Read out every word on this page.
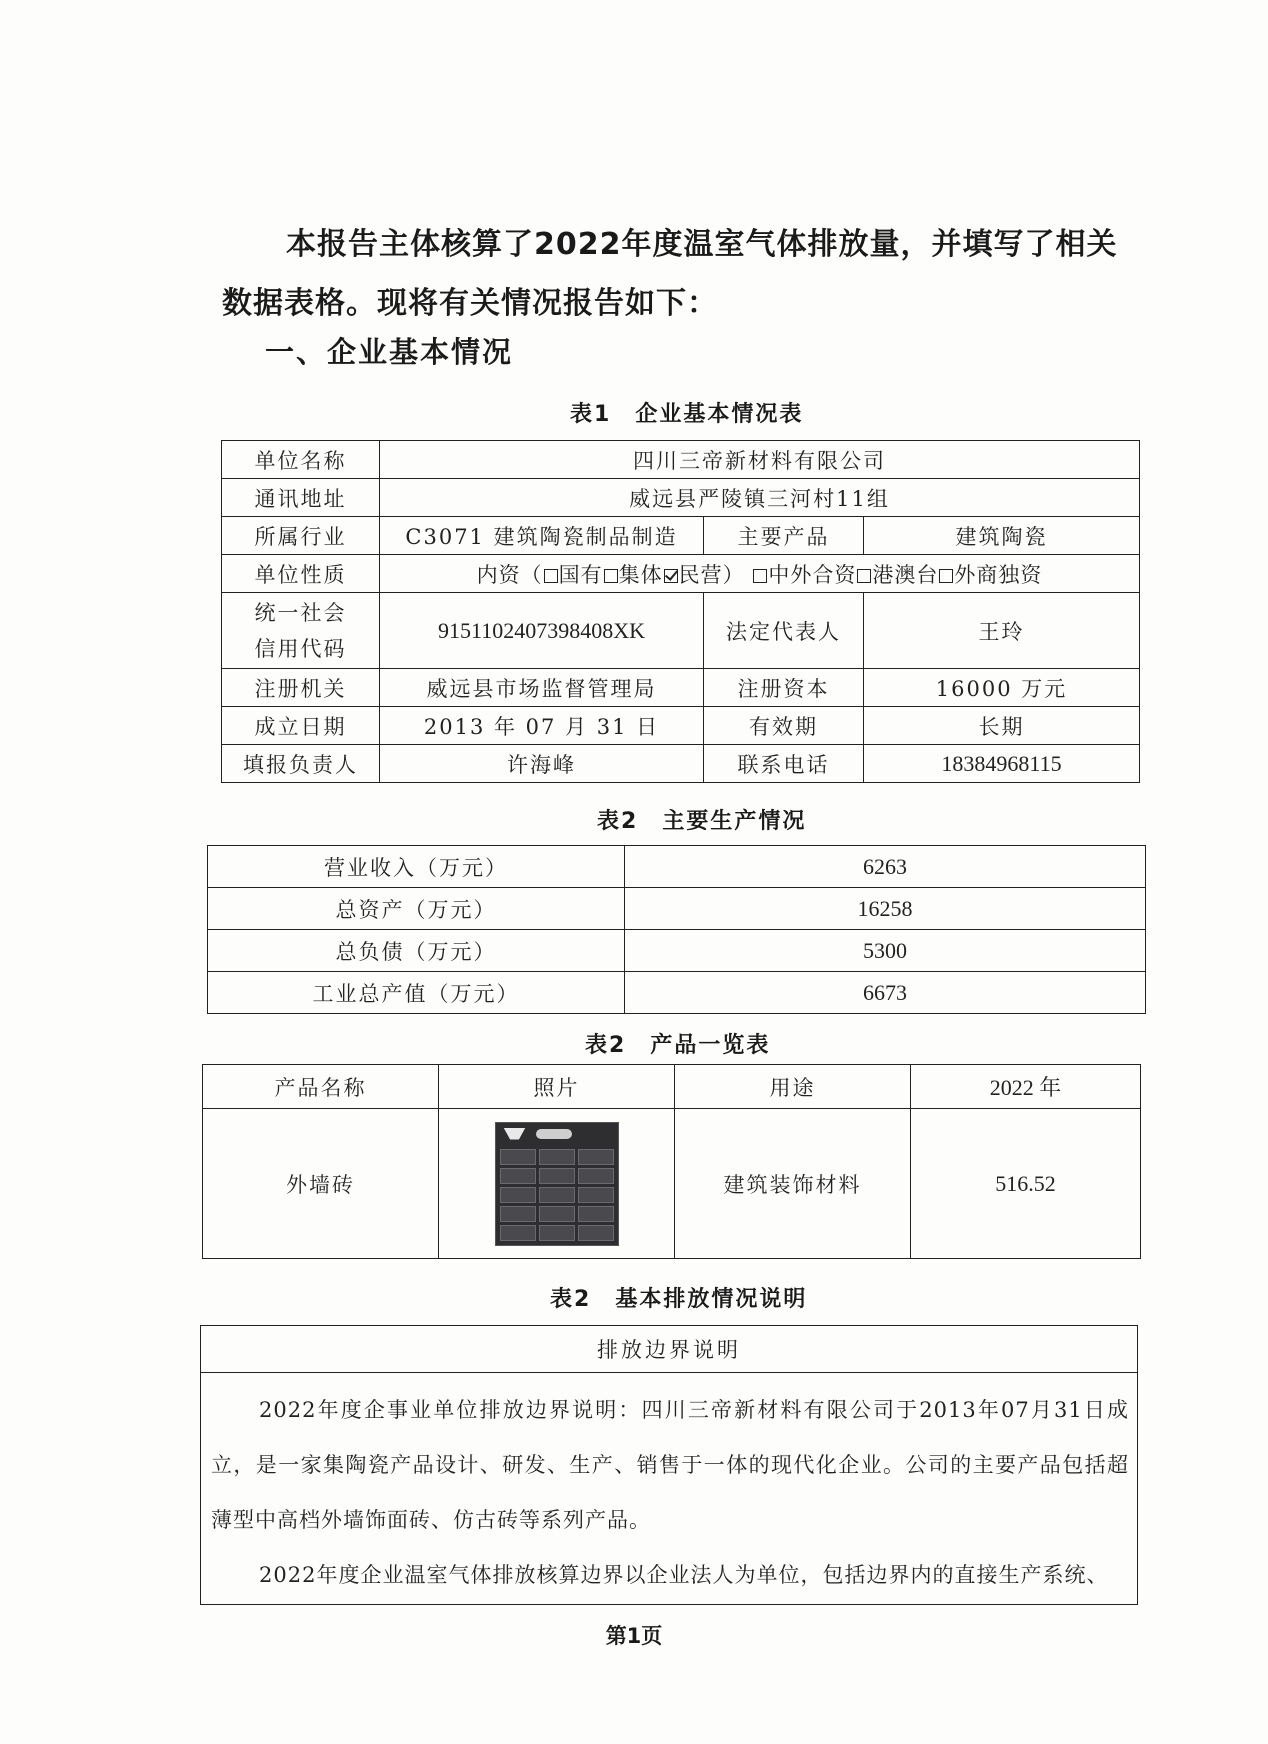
本报告主体核算了2022年度温室气体排放量，并填写了相关数据表格。现将有关情况报告如下：

一、企业基本情况
表1 企业基本情况表
单位名称	四川三帝新材料有限公司		
通讯地址	威远县严陵镇三河村11组		
所属行业	C3071 建筑陶瓷制品制造	主要产品	建筑陶瓷
单位性质	内资（ 国有 集体 民营） 中外合资 港澳台 外商独资		

统一社会
信用代码	9151102407398408XK	法定代表人	王玲
注册机关	威远县市场监督管理局	注册资本	16000 万元
成立日期	2013 年 07 月 31 日	有效期	长期
填报负责人	许海峰	联系电话	18384968115
表2 主要生产情况
营业收入（万元）	6263
总资产（万元）	16258
总负债（万元）	5300
工业总产值（万元）	6673
表2 产品一览表
产品名称	照片	用途	2022 年
外墙砖		建筑装饰材料	516.52
表2 基本排放情况说明
排放边界说明

2022年度企事业单位排放边界说明：四川三帝新材料有限公司于2013年07月31日成立，是一家集陶瓷产品设计、研发、生产、销售于一体的现代化企业。公司的主要产品包括超薄型中高档外墙饰面砖、仿古砖等系列产品。

2022年度企业温室气体排放核算边界以企业法人为单位，包括边界内的直接生产系统、

第1页
